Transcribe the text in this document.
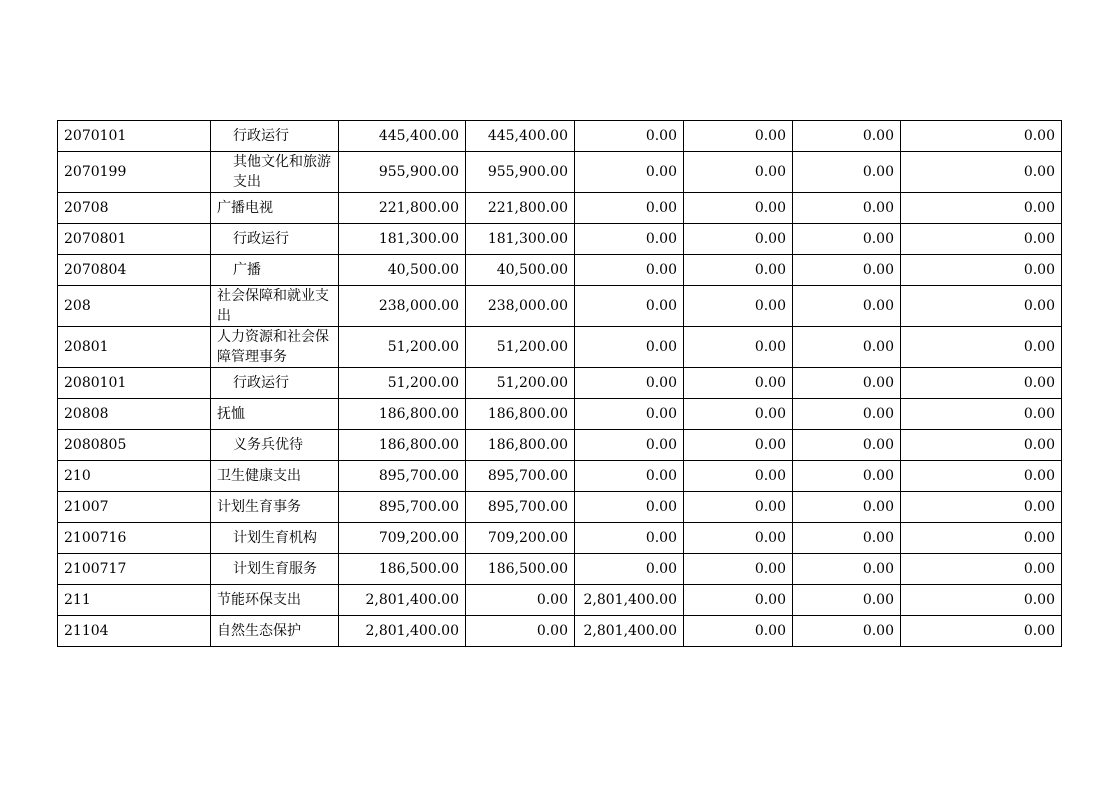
2070101	行政运行	445,400.00	445,400.00	0.00	0.00	0.00	0.00
2070199	其他文化和旅游支出	955,900.00	955,900.00	0.00	0.00	0.00	0.00
20708	广播电视	221,800.00	221,800.00	0.00	0.00	0.00	0.00
2070801	行政运行	181,300.00	181,300.00	0.00	0.00	0.00	0.00
2070804	广播	40,500.00	40,500.00	0.00	0.00	0.00	0.00
208	社会保障和就业支出	238,000.00	238,000.00	0.00	0.00	0.00	0.00
20801	人力资源和社会保障管理事务	51,200.00	51,200.00	0.00	0.00	0.00	0.00
2080101	行政运行	51,200.00	51,200.00	0.00	0.00	0.00	0.00
20808	抚恤	186,800.00	186,800.00	0.00	0.00	0.00	0.00
2080805	义务兵优待	186,800.00	186,800.00	0.00	0.00	0.00	0.00
210	卫生健康支出	895,700.00	895,700.00	0.00	0.00	0.00	0.00
21007	计划生育事务	895,700.00	895,700.00	0.00	0.00	0.00	0.00
2100716	计划生育机构	709,200.00	709,200.00	0.00	0.00	0.00	0.00
2100717	计划生育服务	186,500.00	186,500.00	0.00	0.00	0.00	0.00
211	节能环保支出	2,801,400.00	0.00	2,801,400.00	0.00	0.00	0.00
21104	自然生态保护	2,801,400.00	0.00	2,801,400.00	0.00	0.00	0.00
